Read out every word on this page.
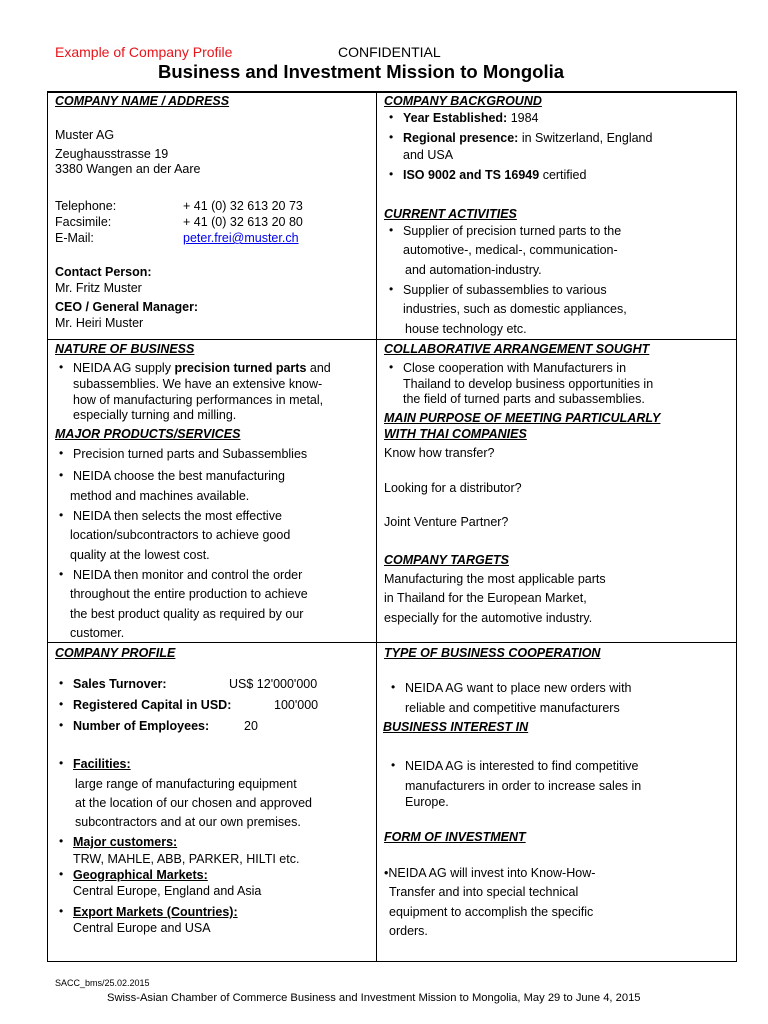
Example of Company Profile	CONFIDENTIAL
Business and Investment Mission to Mongolia
COMPANY NAME / ADDRESS
Muster AG
Zeughausstrasse 19
3380 Wangen an der Aare
Telephone:	+ 41 (0) 32 613 20 73
Facsimile:	+ 41 (0) 32 613 20 80
E-Mail:	peter.frei@muster.ch
Contact Person:
Mr. Fritz Muster
CEO / General Manager:
Mr. Heiri Muster
COMPANY BACKGROUND
• Year Established: 1984
• Regional presence: in Switzerland, England
and USA
• ISO 9002 and TS 16949 certified
CURRENT ACTIVITIES
• Supplier of precision turned parts to the
automotive-, medical-, communication-
and automation-industry.
• Supplier of subassemblies to various
industries, such as domestic appliances,
house technology etc.
NATURE OF BUSINESS
• NEIDA AG supply precision turned parts and
subassemblies. We have an extensive know-
how of manufacturing performances in metal,
especially turning and milling.
MAJOR PRODUCTS/SERVICES
• Precision turned parts and Subassemblies
• NEIDA choose the best manufacturing
method and machines available.
• NEIDA then selects the most effective
location/subcontractors to achieve good
quality at the lowest cost.
• NEIDA then monitor and control the order
throughout the entire production to achieve
the best product quality as required by our
customer.
COLLABORATIVE ARRANGEMENT SOUGHT
• Close cooperation with Manufacturers in
Thailand to develop business opportunities in
the field of turned parts and subassemblies.
MAIN PURPOSE OF MEETING PARTICULARLY
WITH THAI COMPANIES
Know how transfer?
Looking for a distributor?
Joint Venture Partner?
COMPANY TARGETS
Manufacturing the most applicable parts
in Thailand for the European Market,
especially for the automotive industry.
COMPANY PROFILE
• Sales Turnover:	US$ 12'000'000
• Registered Capital in USD:	100'000
• Number of Employees:	20
• Facilities:
large range of manufacturing equipment
at the location of our chosen and approved
subcontractors and at our own premises.
• Major customers:
TRW, MAHLE, ABB, PARKER, HILTI etc.
• Geographical Markets:
Central Europe, England and Asia
• Export Markets (Countries):
Central Europe and USA
TYPE OF BUSINESS COOPERATION
• NEIDA AG want to place new orders with
reliable and competitive manufacturers
BUSINESS INTEREST IN
• NEIDA AG is interested to find competitive
manufacturers in order to increase sales in
Europe.
FORM OF INVESTMENT
•NEIDA AG will invest into Know-How-
Transfer and into special technical
equipment to accomplish the specific
orders.
SACC_bms/25.02.2015
Swiss-Asian Chamber of Commerce Business and Investment Mission to Mongolia, May 29 to June 4, 2015
